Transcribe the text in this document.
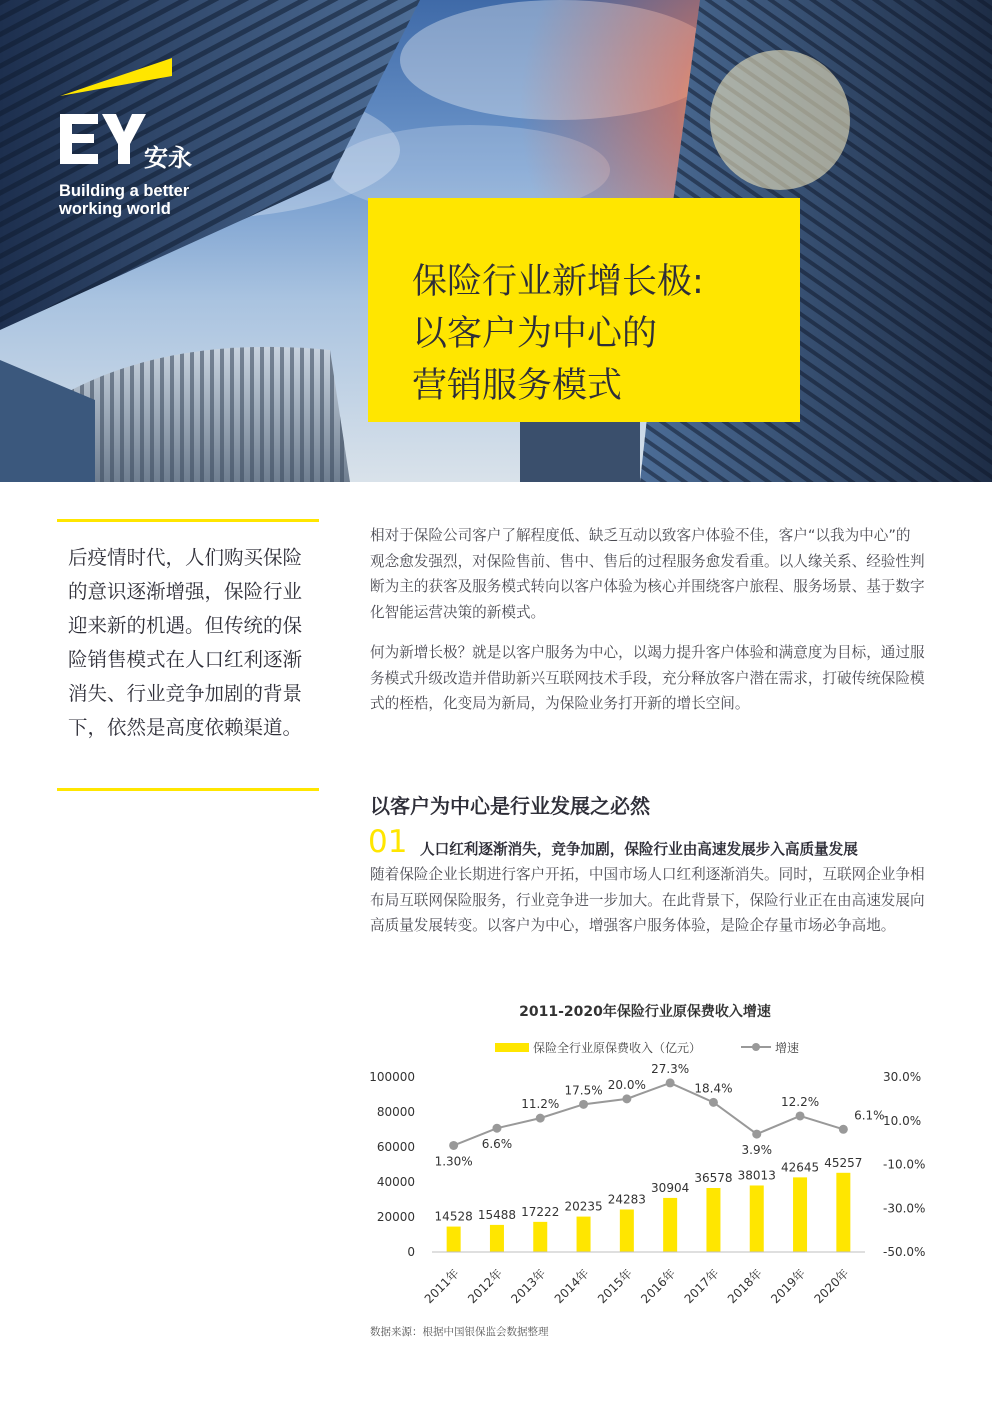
安永
Building a better working world
保险行业新增长极:
以客户为中心的
营销服务模式
后疫情时代，人们购买保险的意识逐渐增强，保险行业迎来新的机遇。但传统的保险销售模式在人口红利逐渐消失、行业竞争加剧的背景下，依然是高度依赖渠道。
相对于保险公司客户了解程度低、缺乏互动以致客户体验不佳，客户“以我为中心”的观念愈发强烈，对保险售前、售中、售后的过程服务愈发看重。以人缘关系、经验性判断为主的获客及服务模式转向以客户体验为核心并围绕客户旅程、服务场景、基于数字化智能运营决策的新模式。
何为新增长极？就是以客户服务为中心，以竭力提升客户体验和满意度为目标，通过服务模式升级改造并借助新兴互联网技术手段，充分释放客户潜在需求，打破传统保险模式的桎梏，化变局为新局，为保险业务打开新的增长空间。
以客户为中心是行业发展之必然
01 人口红利逐渐消失，竞争加剧，保险行业由高速发展步入高质量发展
随着保险企业长期进行客户开拓，中国市场人口红利逐渐消失。同时，互联网企业争相布局互联网保险服务，行业竞争进一步加大。在此背景下，保险行业正在由高速发展向高质量发展转变。以客户为中心，增强客户服务体验，是险企存量市场必争高地。
2011-2020年保险行业原保费收入增速
保险全行业原保费收入（亿元）	增速
0
20000
40000
60000
80000
100000
-50.0%
-30.0%
-10.0%
10.0%
30.0%
14528 15488 17222 20235
24283
30904
36578 38013
42645 45257
1.30%
6.6%
11.2%
17.5% 20.0%
27.3%
18.4%
3.9%
12.2%
6.1%
2011年 2012年 2013年 2014年 2015年 2016年 2017年 2018年 2019年 2020年
数据来源：根据中国银保监会数据整理
